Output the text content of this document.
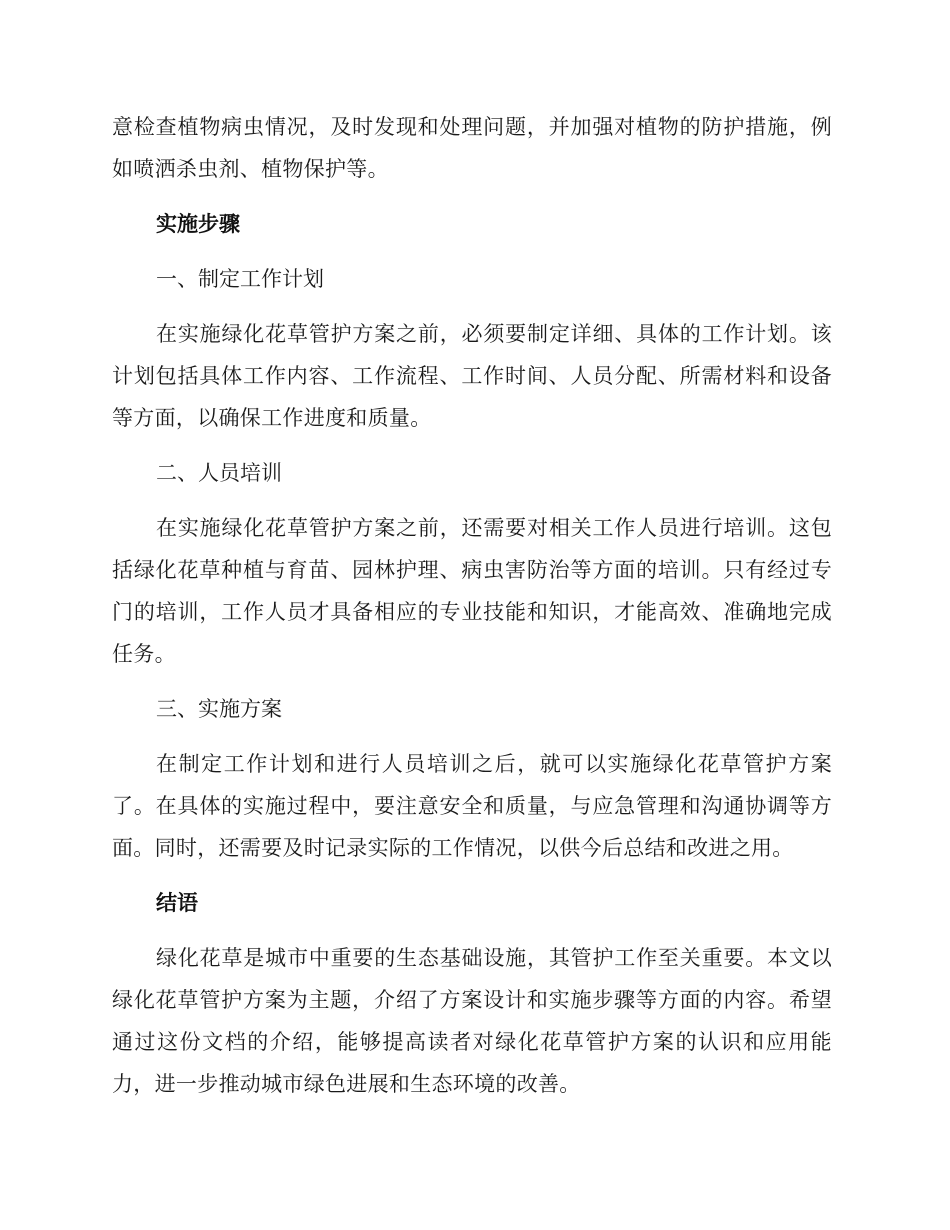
意检查植物病虫情况，及时发现和处理问题，并加强对植物的防护措施，例如喷洒杀虫剂、植物保护等。

实施步骤
一、制定工作计划

在实施绿化花草管护方案之前，必须要制定详细、具体的工作计划。该计划包括具体工作内容、工作流程、工作时间、人员分配、所需材料和设备等方面，以确保工作进度和质量。

二、人员培训

在实施绿化花草管护方案之前，还需要对相关工作人员进行培训。这包括绿化花草种植与育苗、园林护理、病虫害防治等方面的培训。只有经过专门的培训，工作人员才具备相应的专业技能和知识，才能高效、准确地完成任务。

三、实施方案

在制定工作计划和进行人员培训之后，就可以实施绿化花草管护方案了。在具体的实施过程中，要注意安全和质量，与应急管理和沟通协调等方面。同时，还需要及时记录实际的工作情况，以供今后总结和改进之用。

结语

绿化花草是城市中重要的生态基础设施，其管护工作至关重要。本文以绿化花草管护方案为主题，介绍了方案设计和实施步骤等方面的内容。希望通过这份文档的介绍，能够提高读者对绿化花草管护方案的认识和应用能力，进一步推动城市绿色进展和生态环境的改善。
